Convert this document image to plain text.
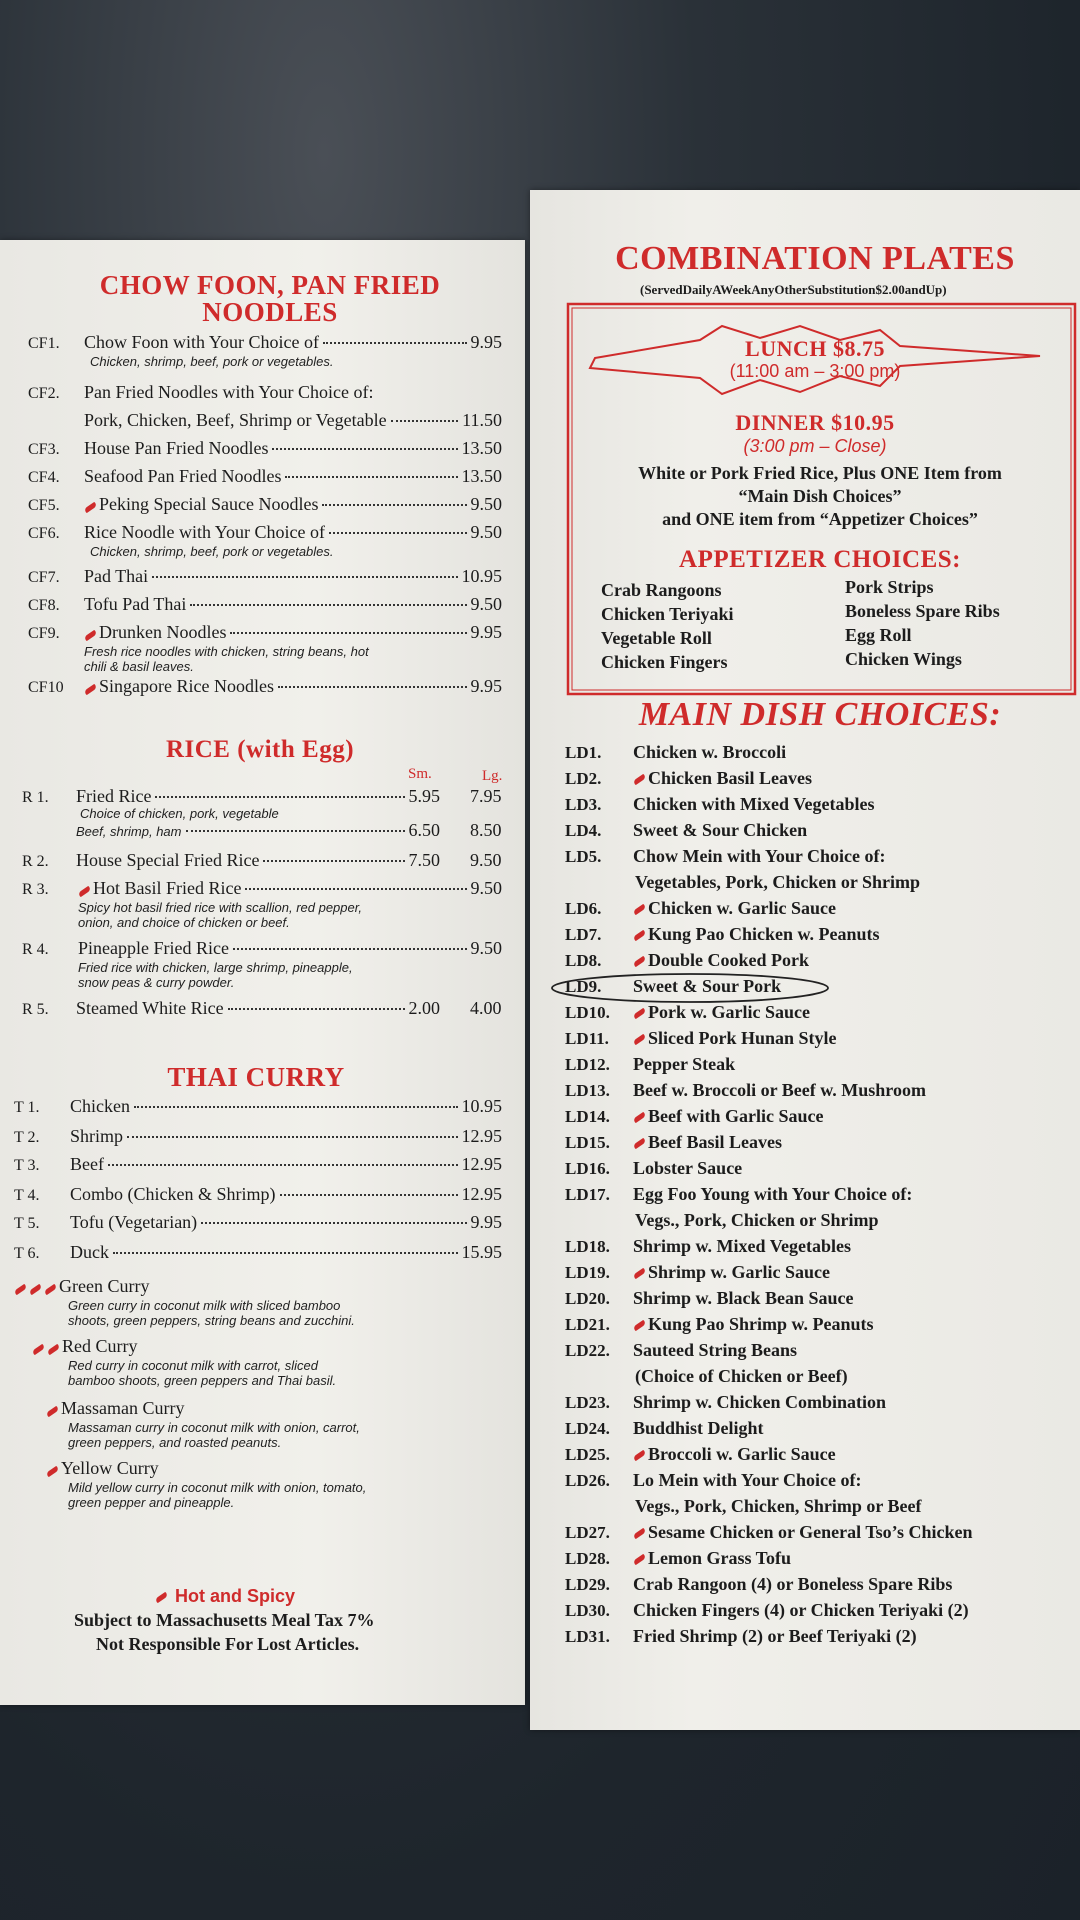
CHOW FOON, PAN FRIED
NOODLES
CF1.	Chow Foon with Your Choice of	9.95
Chicken, shrimp, beef, pork or vegetables.
CF2.	Pan Fried Noodles with Your Choice of:
Pork, Chicken, Beef, Shrimp or Vegetable	11.50
CF3.	House Pan Fried Noodles	13.50
CF4.	Seafood Pan Fried Noodles	13.50
CF5.	Peking Special Sauce Noodles	9.50
CF6.	Rice Noodle with Your Choice of	9.50
Chicken, shrimp, beef, pork or vegetables.
CF7.	Pad Thai	10.95
CF8.	Tofu Pad Thai	9.50
CF9.	Drunken Noodles	9.95
Fresh rice noodles with chicken, string beans, hot
chili & basil leaves.
CF10	Singapore Rice Noodles	9.95
RICE (with Egg)
Sm.	Lg.
R 1.	Fried Rice	5.95 7.95
Choice of chicken, pork, vegetable
Beef, shrimp, ham	6.50 8.50
R 2.	House Special Fried Rice	7.50 9.50
R 3.	Hot Basil Fried Rice	9.50
Spicy hot basil fried rice with scallion, red pepper,
onion, and choice of chicken or beef.
R 4.	Pineapple Fried Rice	9.50
Fried rice with chicken, large shrimp, pineapple,
snow peas & curry powder.
R 5.	Steamed White Rice	2.00 4.00
THAI CURRY
T 1.	Chicken	10.95
T 2.	Shrimp	12.95
T 3.	Beef	12.95
T 4.	Combo (Chicken & Shrimp)	12.95
T 5.	Tofu (Vegetarian)	9.95
T 6.	Duck	15.95
Green Curry
Green curry in coconut milk with sliced bamboo
shoots, green peppers, string beans and zucchini.
Red Curry
Red curry in coconut milk with carrot, sliced
bamboo shoots, green peppers and Thai basil.
Massaman Curry
Massaman curry in coconut milk with onion, carrot,
green peppers, and roasted peanuts.
Yellow Curry
Mild yellow curry in coconut milk with onion, tomato,
green pepper and pineapple.
Hot and Spicy
Subject to Massachusetts Meal Tax 7%
Not Responsible For Lost Articles.
COMBINATION PLATES
(ServedDailyAWeekAnyOtherSubstitution$2.00andUp)
LUNCH $8.75
(11:00 am – 3:00 pm)
DINNER $10.95
(3:00 pm – Close)
White or Pork Fried Rice, Plus ONE Item from
“Main Dish Choices”
and ONE item from “Appetizer Choices”
APPETIZER CHOICES:
Crab Rangoons
Chicken Teriyaki
Vegetable Roll
Chicken Fingers
Pork Strips
Boneless Spare Ribs
Egg Roll
Chicken Wings
MAIN DISH CHOICES:
LD1. Chicken w. Broccoli
LD2.	Chicken Basil Leaves
LD3. Chicken with Mixed Vegetables
LD4. Sweet & Sour Chicken
LD5. Chow Mein with Your Choice of:
Vegetables, Pork, Chicken or Shrimp
LD6.	Chicken w. Garlic Sauce
LD7.	Kung Pao Chicken w. Peanuts
LD8.	Double Cooked Pork
LD9. Sweet & Sour Pork
LD10. Pork w. Garlic Sauce
LD11. Sliced Pork Hunan Style
LD12. Pepper Steak
LD13. Beef w. Broccoli or Beef w. Mushroom
LD14. Beef with Garlic Sauce
LD15. Beef Basil Leaves
LD16. Lobster Sauce
LD17. Egg Foo Young with Your Choice of:
Vegs., Pork, Chicken or Shrimp
LD18. Shrimp w. Mixed Vegetables
LD19. Shrimp w. Garlic Sauce
LD20. Shrimp w. Black Bean Sauce
LD21. Kung Pao Shrimp w. Peanuts
LD22. Sauteed String Beans
(Choice of Chicken or Beef)
LD23. Shrimp w. Chicken Combination
LD24. Buddhist Delight
LD25. Broccoli w. Garlic Sauce
LD26. Lo Mein with Your Choice of:
Vegs., Pork, Chicken, Shrimp or Beef
LD27. Sesame Chicken or General Tso’s Chicken
LD28. Lemon Grass Tofu
LD29. Crab Rangoon (4) or Boneless Spare Ribs
LD30. Chicken Fingers (4) or Chicken Teriyaki (2)
LD31. Fried Shrimp (2) or Beef Teriyaki (2)
